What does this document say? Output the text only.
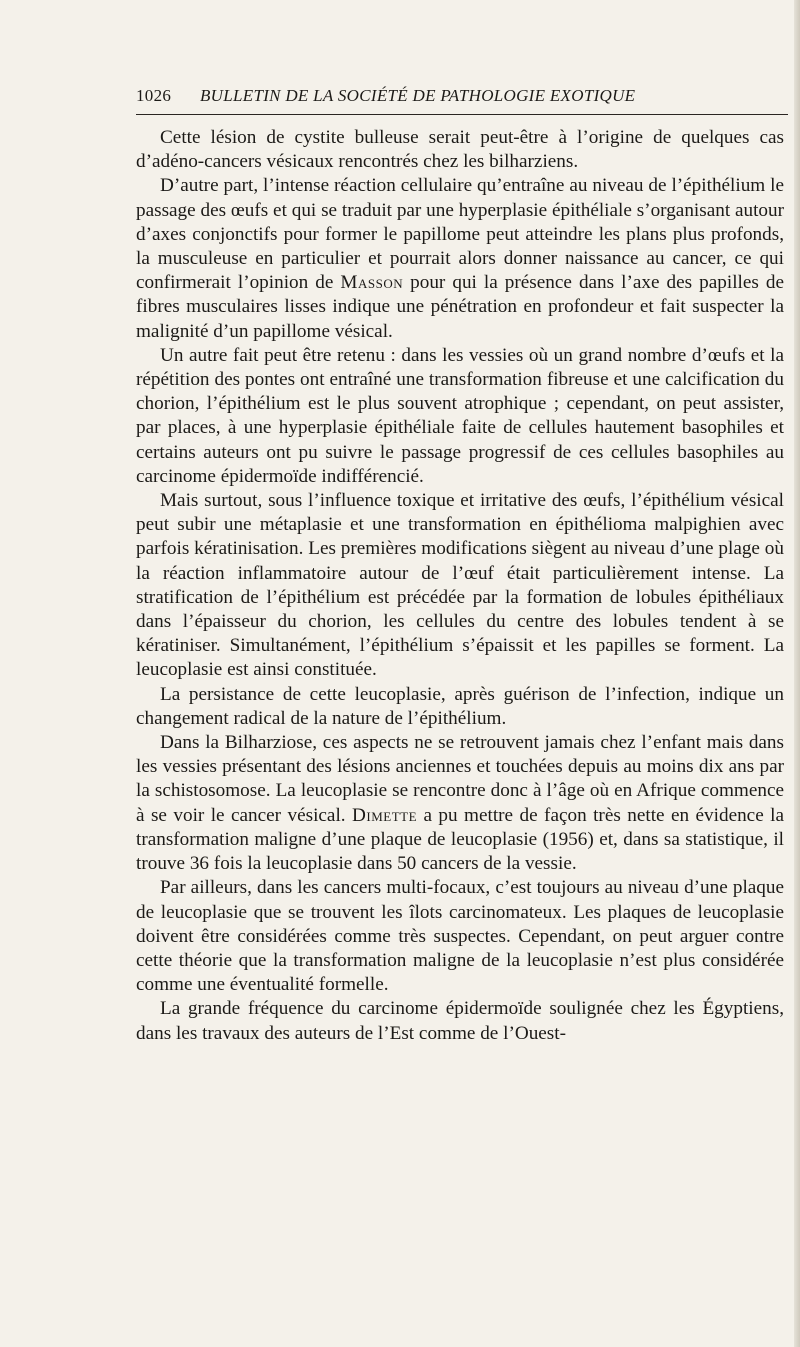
1026 BULLETIN DE LA SOCIÉTÉ DE PATHOLOGIE EXOTIQUE

Cette lésion de cystite bulleuse serait peut-être à l’origine de quelques cas d’adéno-cancers vésicaux rencontrés chez les bilharziens.

D’autre part, l’intense réaction cellulaire qu’entraîne au niveau de l’épithélium le passage des œufs et qui se traduit par une hyperplasie épithéliale s’organisant autour d’axes conjonctifs pour former le papillome peut atteindre les plans plus profonds, la musculeuse en particulier et pourrait alors donner naissance au cancer, ce qui confirmerait l’opinion de Masson pour qui la présence dans l’axe des papilles de fibres musculaires lisses indique une pénétration en profondeur et fait suspecter la malignité d’un papillome vésical.

Un autre fait peut être retenu : dans les vessies où un grand nombre d’œufs et la répétition des pontes ont entraîné une transformation fibreuse et une calcification du chorion, l’épithélium est le plus souvent atrophique ; cependant, on peut assister, par places, à une hyperplasie épithéliale faite de cellules hautement basophiles et certains auteurs ont pu suivre le passage progressif de ces cellules basophiles au carcinome épidermoïde indifférencié.

Mais surtout, sous l’influence toxique et irritative des œufs, l’épithélium vésical peut subir une métaplasie et une transformation en épithélioma malpighien avec parfois kératinisation. Les premières modifications siègent au niveau d’une plage où la réaction inflammatoire autour de l’œuf était particulièrement intense. La stratification de l’épithélium est précédée par la formation de lobules épithéliaux dans l’épaisseur du chorion, les cellules du centre des lobules tendent à se kératiniser. Simultanément, l’épithélium s’épaissit et les papilles se forment. La leucoplasie est ainsi constituée.

La persistance de cette leucoplasie, après guérison de l’infection, indique un changement radical de la nature de l’épithélium.

Dans la Bilharziose, ces aspects ne se retrouvent jamais chez l’enfant mais dans les vessies présentant des lésions anciennes et touchées depuis au moins dix ans par la schistosomose. La leucoplasie se rencontre donc à l’âge où en Afrique commence à se voir le cancer vésical. Dimette a pu mettre de façon très nette en évidence la transformation maligne d’une plaque de leucoplasie (1956) et, dans sa statistique, il trouve 36 fois la leucoplasie dans 50 cancers de la vessie.

Par ailleurs, dans les cancers multi-focaux, c’est toujours au niveau d’une plaque de leucoplasie que se trouvent les îlots carcinomateux. Les plaques de leucoplasie doivent être considérées comme très suspectes. Cependant, on peut arguer contre cette théorie que la transformation maligne de la leucoplasie n’est plus considérée comme une éventualité formelle.

La grande fréquence du carcinome épidermoïde soulignée chez les Égyptiens, dans les travaux des auteurs de l’Est comme de l’Ouest-
